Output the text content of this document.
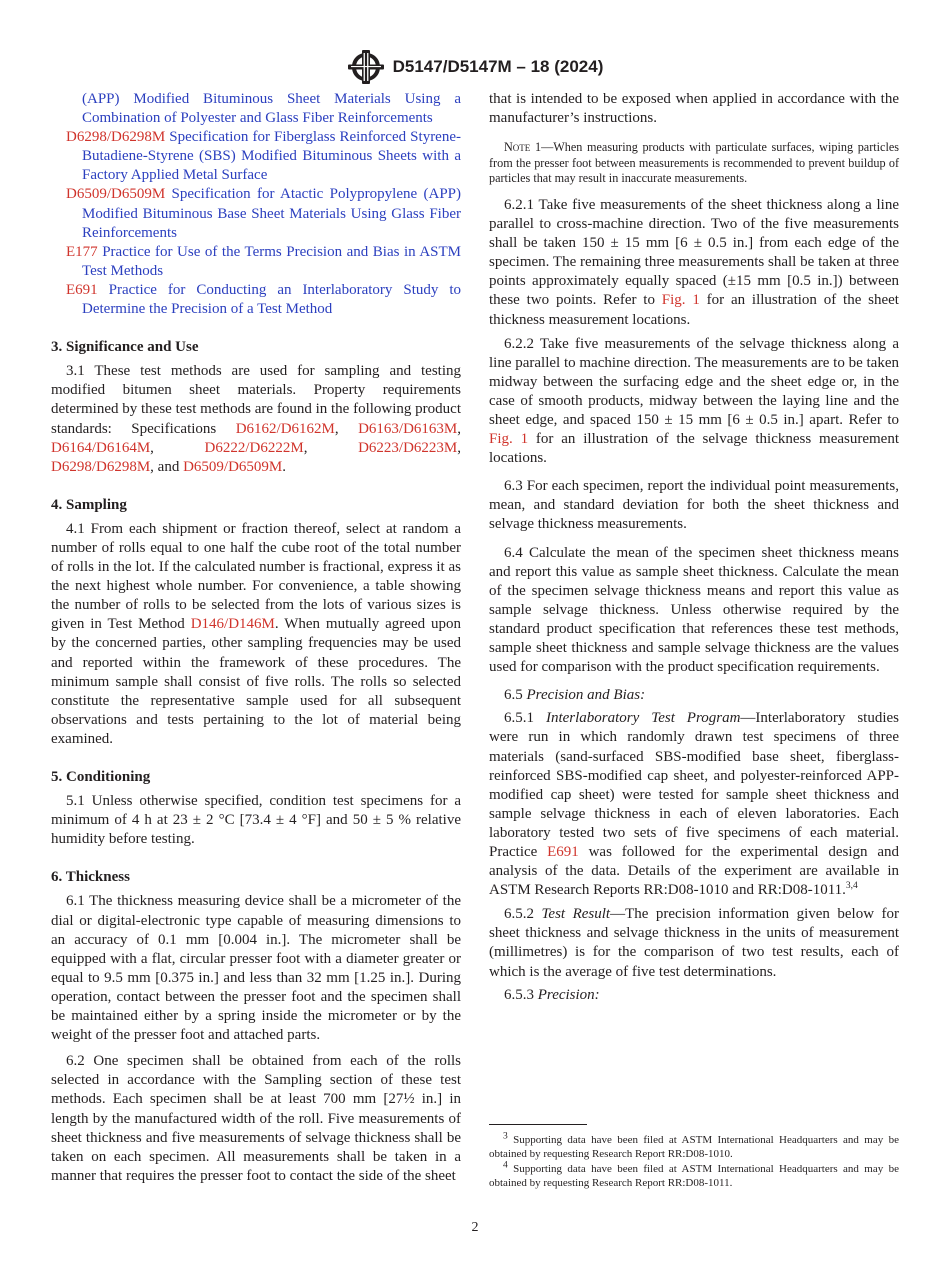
D5147/D5147M – 18 (2024)

(APP) Modified Bituminous Sheet Materials Using a Combination of Polyester and Glass Fiber Reinforcements

D6298/D6298M Specification for Fiberglass Reinforced Styrene-Butadiene-Styrene (SBS) Modified Bituminous Sheets with a Factory Applied Metal Surface

D6509/D6509M Specification for Atactic Polypropylene (APP) Modified Bituminous Base Sheet Materials Using Glass Fiber Reinforcements

E177 Practice for Use of the Terms Precision and Bias in ASTM Test Methods

E691 Practice for Conducting an Interlaboratory Study to Determine the Precision of a Test Method

3. Significance and Use

3.1 These test methods are used for sampling and testing modified bitumen sheet materials. Property requirements determined by these test methods are found in the following product standards: Specifications D6162/D6162M, D6163/D6163M, D6164/D6164M, D6222/D6222M, D6223/D6223M, D6298/D6298M, and D6509/D6509M.

4. Sampling

4.1 From each shipment or fraction thereof, select at random a number of rolls equal to one half the cube root of the total number of rolls in the lot. If the calculated number is fractional, express it as the next highest whole number. For convenience, a table showing the number of rolls to be selected from the lots of various sizes is given in Test Method D146/D146M. When mutually agreed upon by the concerned parties, other sampling frequencies may be used and reported within the framework of these procedures. The minimum sample shall consist of five rolls. The rolls so selected constitute the representative sample used for all subsequent observations and tests pertaining to the lot of material being examined.

5. Conditioning

5.1 Unless otherwise specified, condition test specimens for a minimum of 4 h at 23 ± 2 °C [73.4 ± 4 °F] and 50 ± 5 % relative humidity before testing.

6. Thickness

6.1 The thickness measuring device shall be a micrometer of the dial or digital-electronic type capable of measuring dimensions to an accuracy of 0.1 mm [0.004 in.]. The micrometer shall be equipped with a flat, circular presser foot with a diameter greater or equal to 9.5 mm [0.375 in.] and less than 32 mm [1.25 in.]. During operation, contact between the presser foot and the specimen shall be maintained either by a spring inside the micrometer or by the weight of the presser foot and attached parts.

6.2 One specimen shall be obtained from each of the rolls selected in accordance with the Sampling section of these test methods. Each specimen shall be at least 700 mm [27½ in.] in length by the manufactured width of the roll. Five measurements of sheet thickness and five measurements of selvage thickness shall be taken on each specimen. All measurements shall be taken in a manner that requires the presser foot to contact the side of the sheet

that is intended to be exposed when applied in accordance with the manufacturer’s instructions.

Note 1—When measuring products with particulate surfaces, wiping particles from the presser foot between measurements is recommended to prevent buildup of particles that may result in inaccurate measurements.

6.2.1 Take five measurements of the sheet thickness along a line parallel to cross-machine direction. Two of the five measurements shall be taken 150 ± 15 mm [6 ± 0.5 in.] from each edge of the specimen. The remaining three measurements shall be taken at three points approximately equally spaced (±15 mm [0.5 in.]) between these two points. Refer to Fig. 1 for an illustration of the sheet thickness measurement locations.

6.2.2 Take five measurements of the selvage thickness along a line parallel to machine direction. The measurements are to be taken midway between the surfacing edge and the sheet edge or, in the case of smooth products, midway between the laying line and the sheet edge, and spaced 150 ± 15 mm [6 ± 0.5 in.] apart. Refer to Fig. 1 for an illustration of the selvage thickness measurement locations.

6.3 For each specimen, report the individual point measurements, mean, and standard deviation for both the sheet thickness and selvage thickness measurements.

6.4 Calculate the mean of the specimen sheet thickness means and report this value as sample sheet thickness. Calculate the mean of the specimen selvage thickness means and report this value as sample selvage thickness. Unless otherwise required by the standard product specification that references these test methods, sample sheet thickness and sample selvage thickness are the values used for comparison with the product specification requirements.

6.5 Precision and Bias:

6.5.1 Interlaboratory Test Program—Interlaboratory studies were run in which randomly drawn test specimens of three materials (sand-surfaced SBS-modified base sheet, fiberglass-reinforced SBS-modified cap sheet, and polyester-reinforced APP-modified cap sheet) were tested for sample sheet thickness and sample selvage thickness in each of eleven laboratories. Each laboratory tested two sets of five specimens of each material. Practice E691 was followed for the experimental design and analysis of the data. Details of the experiment are available in ASTM Research Reports RR:D08-1010 and RR:D08-1011.$^{3,4}$

6.5.2 Test Result—The precision information given below for sheet thickness and selvage thickness in the units of measurement (millimetres) is for the comparison of two test results, each of which is the average of five test determinations.

6.5.3 Precision:

$^3$ Supporting data have been filed at ASTM International Headquarters and may be obtained by requesting Research Report RR:D08-1010.

$^4$ Supporting data have been filed at ASTM International Headquarters and may be obtained by requesting Research Report RR:D08-1011.

2
